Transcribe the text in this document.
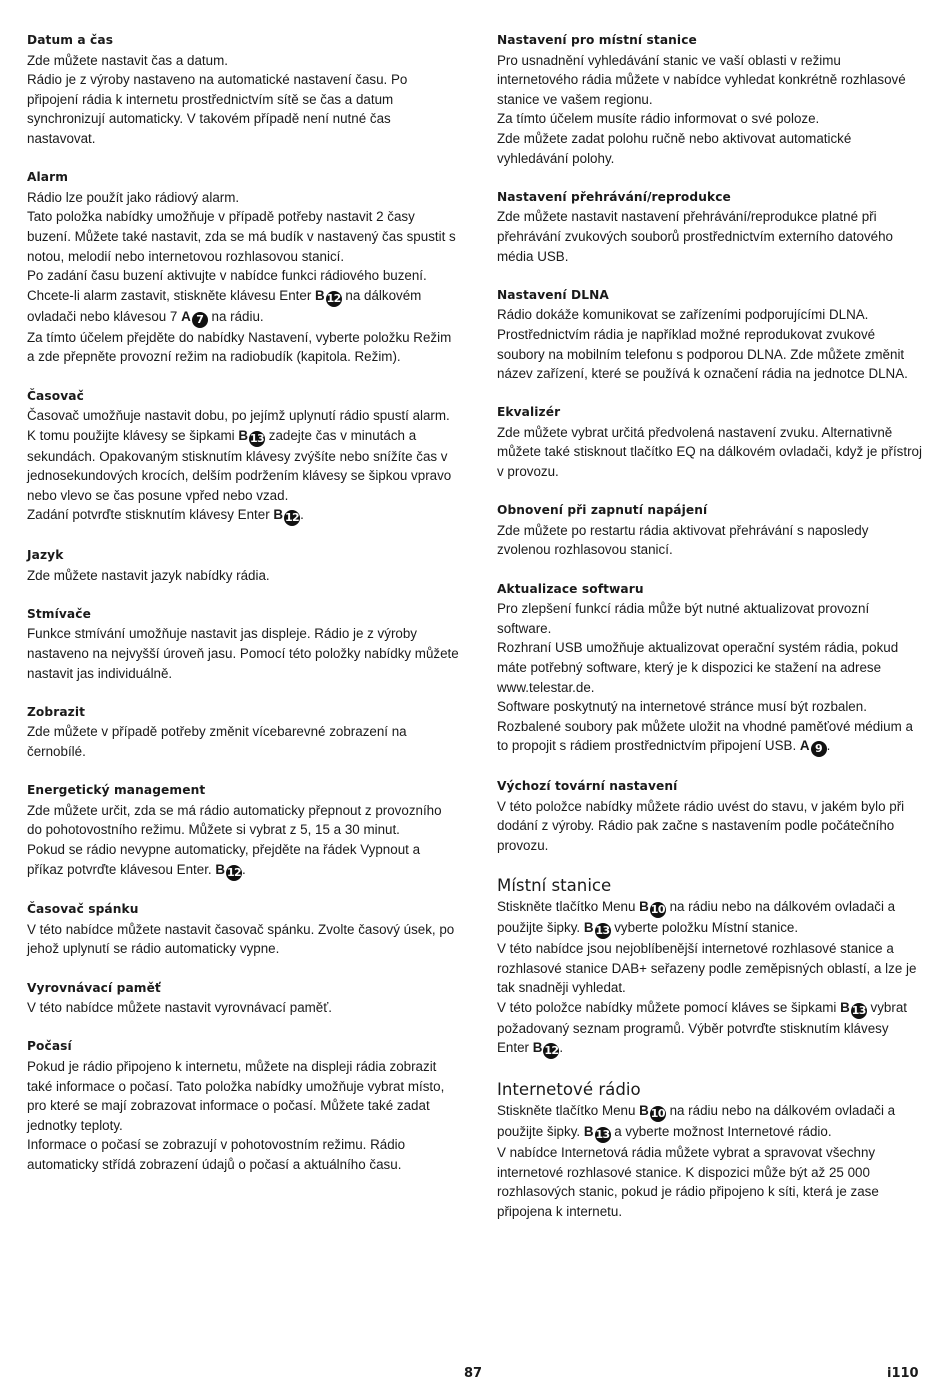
Datum a čas

Zde můžete nastavit čas a datum.

Rádio je z výroby nastaveno na automatické nastavení času. Po připojení rádia k internetu prostřednictvím sítě se čas a datum synchronizují automaticky. V takovém případě není nutné čas nastavovat.

Alarm

Rádio lze použít jako rádiový alarm.

Tato položka nabídky umožňuje v případě potřeby nastavit 2 časy buzení. Můžete také nastavit, zda se má budík v nastavený čas spustit s notou, melodií nebo internetovou rozhlasovou stanicí.

Po zadání času buzení aktivujte v nabídce funkci rádiového buzení.

Chcete-li alarm zastavit, stiskněte klávesu Enter B 12 na dálkovém ovladači nebo klávesou 7 A 7 na rádiu.

Za tímto účelem přejděte do nabídky Nastavení, vyberte položku Režim a zde přepněte provozní režim na radiobudík (kapitola. Režim).

Časovač

Časovač umožňuje nastavit dobu, po jejímž uplynutí rádio spustí alarm.

K tomu použijte klávesy se šipkami B 13 zadejte čas v minutách a sekundách. Opakovaným stisknutím klávesy zvýšíte nebo snížíte čas v jednosekundových krocích, delším podržením klávesy se šipkou vpravo nebo vlevo se čas posune vpřed nebo vzad.

Zadání potvrďte stisknutím klávesy Enter B 12.

Jazyk

Zde můžete nastavit jazyk nabídky rádia.

Stmívače

Funkce stmívání umožňuje nastavit jas displeje. Rádio je z výroby nastaveno na nejvyšší úroveň jasu. Pomocí této položky nabídky můžete nastavit jas individuálně.

Zobrazit

Zde můžete v případě potřeby změnit vícebarevné zobrazení na černobílé.

Energetický management

Zde můžete určit, zda se má rádio automaticky přepnout z provozního do pohotovostního režimu. Můžete si vybrat z 5, 15 a 30 minut.

Pokud se rádio nevypne automaticky, přejděte na řádek Vypnout a příkaz potvrďte klávesou Enter. B 12.

Časovač spánku

V této nabídce můžete nastavit časovač spánku. Zvolte časový úsek, po jehož uplynutí se rádio automaticky vypne.

Vyrovnávací paměť

V této nabídce můžete nastavit vyrovnávací paměť.

Počasí

Pokud je rádio připojeno k internetu, můžete na displeji rádia zobrazit také informace o počasí. Tato položka nabídky umožňuje vybrat místo, pro které se mají zobrazovat informace o počasí. Můžete také zadat jednotky teploty.

Informace o počasí se zobrazují v pohotovostním režimu. Rádio automaticky střídá zobrazení údajů o počasí a aktuálního času.

Nastavení pro místní stanice

Pro usnadnění vyhledávání stanic ve vaší oblasti v režimu internetového rádia můžete v nabídce vyhledat konkrétně rozhlasové stanice ve vašem regionu.

Za tímto účelem musíte rádio informovat o své poloze.

Zde můžete zadat polohu ručně nebo aktivovat automatické vyhledávání polohy.

Nastavení přehrávání/reprodukce

Zde můžete nastavit nastavení přehrávání/reprodukce platné při přehrávání zvukových souborů prostřednictvím externího datového média USB.

Nastavení DLNA

Rádio dokáže komunikovat se zařízeními podporujícími DLNA.

Prostřednictvím rádia je například možné reprodukovat zvukové soubory na mobilním telefonu s podporou DLNA. Zde můžete změnit název zařízení, které se používá k označení rádia na jednotce DLNA.

Ekvalizér

Zde můžete vybrat určitá předvolená nastavení zvuku. Alternativně můžete také stisknout tlačítko EQ na dálkovém ovladači, když je přístroj v provozu.

Obnovení při zapnutí napájení

Zde můžete po restartu rádia aktivovat přehrávání s naposledy zvolenou rozhlasovou stanicí.

Aktualizace softwaru

Pro zlepšení funkcí rádia může být nutné aktualizovat provozní software.

Rozhraní USB umožňuje aktualizovat operační systém rádia, pokud máte potřebný software, který je k dispozici ke stažení na adrese www.telestar.de.

Software poskytnutý na internetové stránce musí být rozbalen.

Rozbalené soubory pak můžete uložit na vhodné paměťové médium a to propojit s rádiem prostřednictvím připojení USB. A 9 .

Výchozí tovární nastavení

V této položce nabídky můžete rádio uvést do stavu, v jakém bylo při dodání z výroby. Rádio pak začne s nastavením podle počátečního provozu.

Místní stanice

Stiskněte tlačítko Menu B 10 na rádiu nebo na dálkovém ovladači a použijte šipky. B 13 vyberte položku Místní stanice.

V této nabídce jsou nejoblíbenější internetové rozhlasové stanice a rozhlasové stanice DAB+ seřazeny podle zeměpisných oblastí, a lze je tak snadněji vyhledat.

V této položce nabídky můžete pomocí kláves se šipkami B 13 vybrat požadovaný seznam programů. Výběr potvrďte stisknutím klávesy Enter B 12.

Internetové rádio

Stiskněte tlačítko Menu B 10 na rádiu nebo na dálkovém ovladači a použijte šipky. B 13 a vyberte možnost Internetové rádio.

V nabídce Internetová rádia můžete vybrat a spravovat všechny internetové rozhlasové stanice. K dispozici může být až 25 000 rozhlasových stanic, pokud je rádio připojeno k síti, která je zase připojena k internetu.

87	i110
